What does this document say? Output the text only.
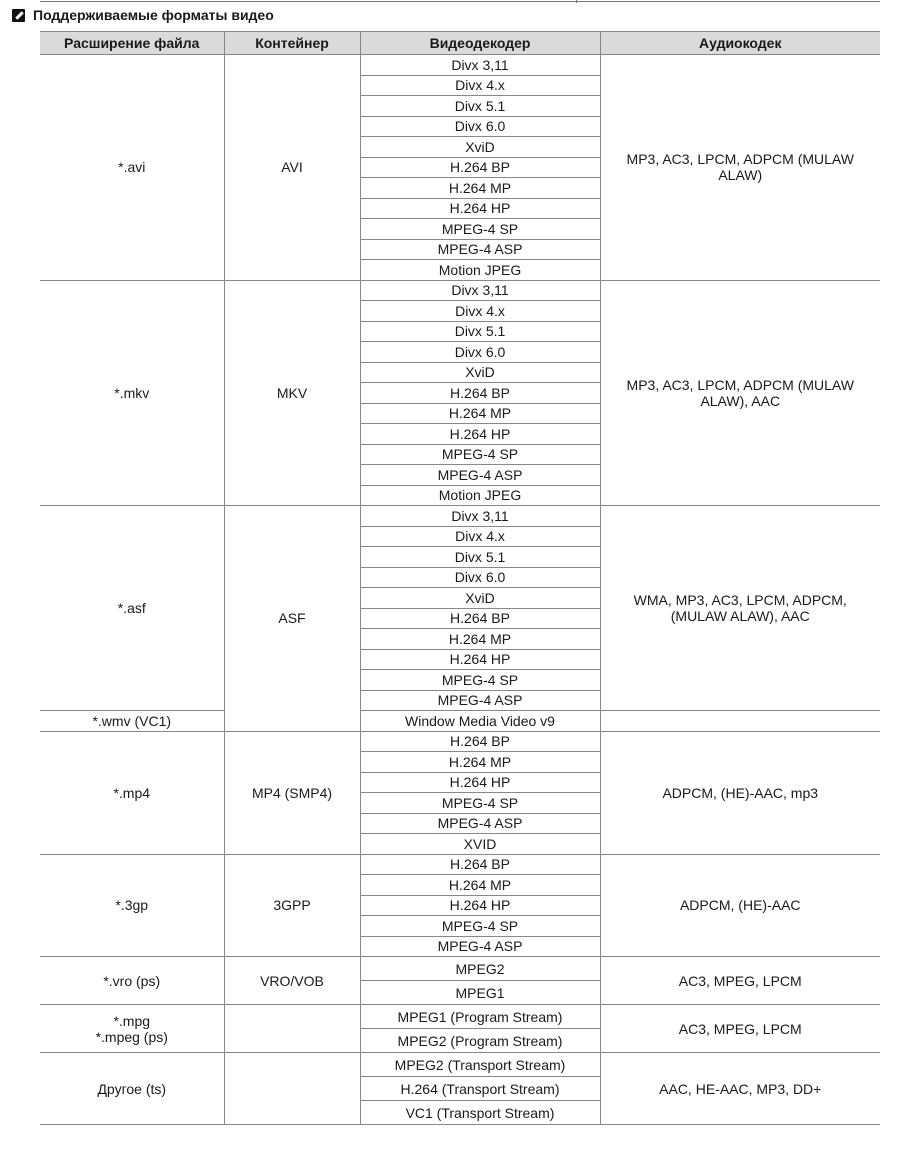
Поддерживаемые форматы видео
Расширение файла	Контейнер	Видеодекодер	Аудиокодек

*.avi	AVI	Divx 3,11	MP3, AC3, LPCM, ADPCM (MULAW
ALAW)

		Divx 4.x	
		Divx 5.1	
		Divx 6.0	
		XviD	
		H.264 BP	
		H.264 MP	
		H.264 HP	
		MPEG-4 SP	
		MPEG-4 ASP	
		Motion JPEG	

*.mkv	MKV	Divx 3,11	MP3, AC3, LPCM, ADPCM (MULAW
ALAW), AAC

		Divx 4.x	
		Divx 5.1	
		Divx 6.0	
		XviD	
		H.264 BP	
		H.264 MP	
		H.264 HP	
		MPEG-4 SP	
		MPEG-4 ASP	
		Motion JPEG	

*.asf	ASF	Divx 3,11	WMA, MP3, AC3, LPCM, ADPCM,
(MULAW ALAW), AAC

		Divx 4.x	
		Divx 5.1	
		Divx 6.0	
		XviD	
		H.264 BP	
		H.264 MP	
		H.264 HP	
		MPEG-4 SP	
		MPEG-4 ASP	
*.wmv (VC1)		Window Media Video v9	

*.mp4	MP4 (SMP4)	H.264 BP	ADPCM, (HE)-AAC, mp3

		H.264 MP	
		H.264 HP	
		MPEG-4 SP	
		MPEG-4 ASP	
		XVID	

*.3gp	3GPP	H.264 BP	ADPCM, (HE)-AAC

		H.264 MP	
		H.264 HP	
		MPEG-4 SP	
		MPEG-4 ASP	

*.vro (ps)	VRO/VOB	MPEG2	AC3, MPEG, LPCM

		MPEG1	

*.mpg
*.mpeg (ps)		MPEG1 (Program Stream)	AC3, MPEG, LPCM

		MPEG2 (Program Stream)	

Другое (ts)		MPEG2 (Transport Stream)	AAC, HE-AAC, MP3, DD+

		H.264 (Transport Stream)	
		VC1 (Transport Stream)	
